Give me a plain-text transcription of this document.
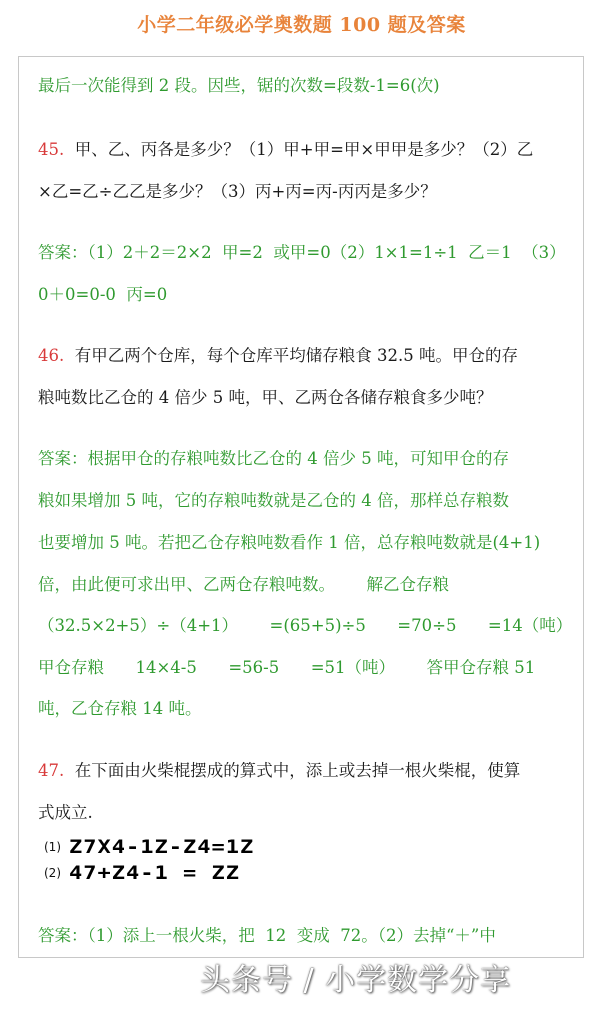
小学二年级必学奥数题 100 题及答案
最后一次能得到 2 段。因些，锯的次数=段数-1=6(次)
45.  甲、乙、丙各是多少？（1）甲+甲=甲×甲甲是多少？（2）乙
×乙=乙÷乙乙是多少？（3）丙+丙=丙-丙丙是多少？
答案：（1）2＋2＝2×2  甲=2  或甲=0（2）1×1=1÷1  乙＝1  （3）
0＋0=0-0  丙=0
46.  有甲乙两个仓库，每个仓库平均储存粮食 32.5 吨。甲仓的存
粮吨数比乙仓的 4 倍少 5 吨，甲、乙两仓各储存粮食多少吨？
答案：根据甲仓的存粮吨数比乙仓的 4 倍少 5 吨，可知甲仓的存
粮如果增加 5 吨，它的存粮吨数就是乙仓的 4 倍，那样总存粮数
也要增加 5 吨。若把乙仓存粮吨数看作 1 倍，总存粮吨数就是(4+1)
倍，由此便可求出甲、乙两仓存粮吨数。      解乙仓存粮
（32.5×2+5）÷（4+1）      =(65+5)÷5      =70÷5      =14（吨）
甲仓存粮      14×4-5      =56-5      =51（吨）      答甲仓存粮 51
吨，乙仓存粮 14 吨。
47.  在下面由火柴棍摆成的算式中，添上或去掉一根火柴棍，使算
式成立.
(1) Z7X4-1Z-Z4=1Z
(2) 47+Z4-1 = ZZ
答案：（1）添上一根火柴，把  12  变成  72。（2）去掉“＋”中
头条号 / 小学数学分享
